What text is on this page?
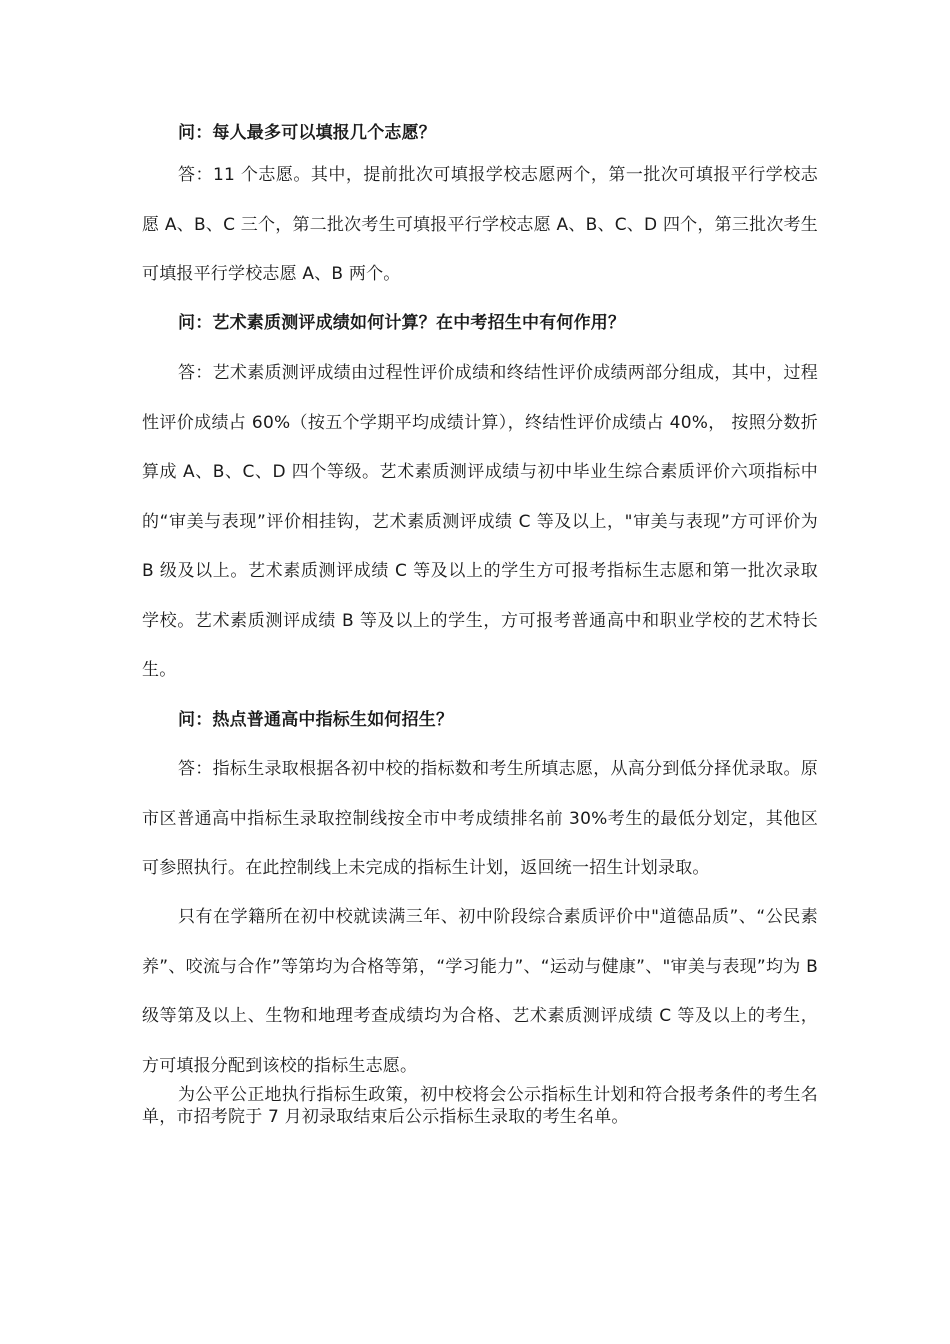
问：每人最多可以填报几个志愿？

答：11 个志愿。其中，提前批次可填报学校志愿两个，第一批次可填报平行学校志愿 A、B、C 三个，第二批次考生可填报平行学校志愿 A、B、C、D 四个，第三批次考生可填报平行学校志愿 A、B 两个。

问：艺术素质测评成绩如何计算？在中考招生中有何作用？

答：艺术素质测评成绩由过程性评价成绩和终结性评价成绩两部分组成，其中，过程性评价成绩占 60%（按五个学期平均成绩计算），终结性评价成绩占 40%， 按照分数折算成 A、B、C、D 四个等级。艺术素质测评成绩与初中毕业生综合素质评价六项指标中的“审美与表现”评价相挂钩，艺术素质测评成绩 C 等及以上，"审美与表现”方可评价为 B 级及以上。艺术素质测评成绩 C 等及以上的学生方可报考指标生志愿和第一批次录取学校。艺术素质测评成绩 B 等及以上的学生，方可报考普通高中和职业学校的艺术特长生。

问：热点普通高中指标生如何招生？

答：指标生录取根据各初中校的指标数和考生所填志愿，从高分到低分择优录取。原市区普通高中指标生录取控制线按全市中考成绩排名前 30%考生的最低分划定，其他区可参照执行。在此控制线上未完成的指标生计划，返回统一招生计划录取。

只有在学籍所在初中校就读满三年、初中阶段综合素质评价中"道德品质”、“公民素养”、咬流与合作”等第均为合格等第，“学习能力”、“运动与健康”、"审美与表现”均为 B 级等第及以上、生物和地理考查成绩均为合格、艺术素质测评成绩 C 等及以上的考生，方可填报分配到该校的指标生志愿。

为公平公正地执行指标生政策，初中校将会公示指标生计划和符合报考条件的考生名单，市招考院于 7 月初录取结束后公示指标生录取的考生名单。
